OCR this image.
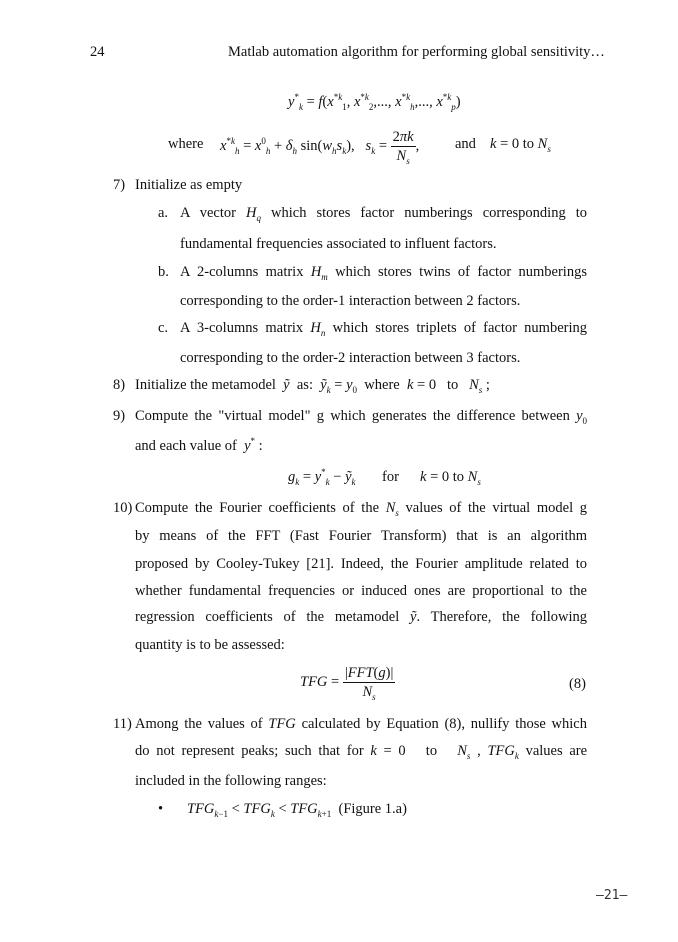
24	Matlab automation algorithm for performing global sensitivity…
$y^*_k = f(x^{*k}_1$, $x^{*k}_2$,..., $x^{*k}_h$,..., $x^{*k}_p$)
where $x^{*k}_h = x^0_h + \delta_h$ $\sin(w_hs_k)$,   $s_k = \frac{2\pi k}{N_s}$ , and k = 0 to $N_s$
7) Initialize as empty
a. A vector $H_q$ which stores factor numberings corresponding to
fundamental frequencies associated to influent factors.
b. A 2-columns matrix $H_m$ which stores twins of factor numberings
corresponding to the order-1 interaction between 2 factors.
c. A 3-columns matrix $H_n$ which stores triplets of factor numbering
corresponding to the order-2 interaction between 3 factors.
8) Initialize the metamodel ỹ as: ỹ$_k$ = $y_0$ where k = 0   to   $N_s$ ;
9) Compute the "virtual model" g which generates the difference between $y_0$
and each value of y* :
$g_k = y^*_k$ − ỹ$_k$ for k = 0 to $N_s$
10) Compute the Fourier coefficients of the $N_s$ values of the virtual model g
by means of the FFT (Fast Fourier Transform) that is an algorithm
proposed by Cooley-Tukey [21]. Indeed, the Fourier amplitude related to
whether fundamental frequencies or induced ones are proportional to the
regression coefficients of the metamodel ỹ. Therefore, the following
quantity is to be assessed:
TFG = $\frac{\text{|FFT(g)|}}{N_s}$	(8)
11) Among the values of TFG calculated by Equation (8), nullify those which
do not represent peaks; such that for k = 0   to   $N_s$ , $TFG_k$ values are
included in the following ranges:
• $TFG_{k-1} < TFG_k < TFG_{k+1}$ (Figure 1.a)
–21–
